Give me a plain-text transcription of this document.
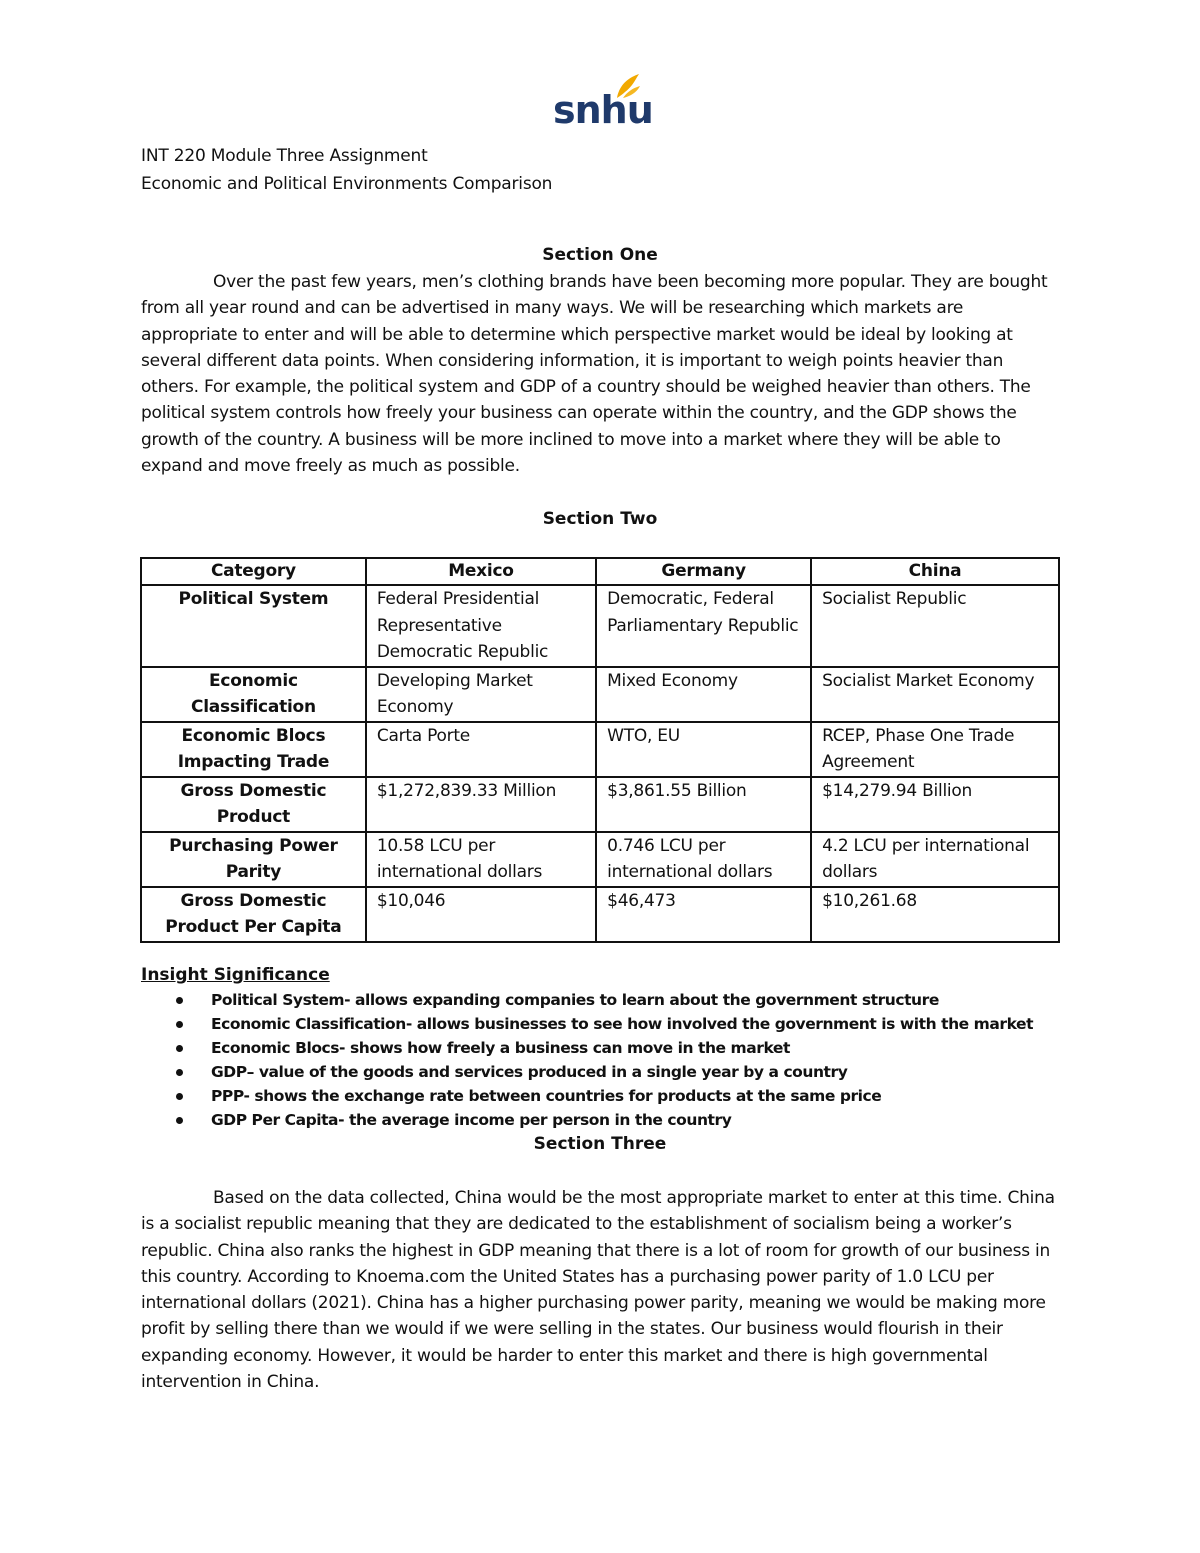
snhu
INT 220 Module Three Assignment
Economic and Political Environments Comparison
Section One

Over the past few years, men’s clothing brands have been becoming more popular. They are bought from all year round and can be advertised in many ways. We will be researching which markets are appropriate to enter and will be able to determine which perspective market would be ideal by looking at several different data points. When considering information, it is important to weigh points heavier than others. For example, the political system and GDP of a country should be weighed heavier than others. The political system controls how freely your business can operate within the country, and the GDP shows the growth of the country. A business will be more inclined to move into a market where they will be able to expand and move freely as much as possible.

Section Two
Category	Mexico	Germany	China
Political System	Federal Presidential Representative Democratic Republic	Democratic, Federal Parliamentary Republic	Socialist Republic
Economic Classification	Developing Market Economy	Mixed Economy	Socialist Market Economy
Economic Blocs Impacting Trade	Carta Porte	WTO, EU	RCEP, Phase One Trade Agreement
Gross Domestic Product	$1,272,839.33 Million	$3,861.55 Billion	$14,279.94 Billion
Purchasing Power Parity	10.58 LCU per international dollars	0.746 LCU per international dollars	4.2 LCU per international dollars
Gross Domestic Product Per Capita	$10,046	$46,473	$10,261.68
Insight Significance
Political System- allows expanding companies to learn about the government structure
Economic Classification- allows businesses to see how involved the government is with the market
Economic Blocs- shows how freely a business can move in the market
GDP– value of the goods and services produced in a single year by a country
PPP- shows the exchange rate between countries for products at the same price
GDP Per Capita- the average income per person in the country
Section Three

Based on the data collected, China would be the most appropriate market to enter at this time. China is a socialist republic meaning that they are dedicated to the establishment of socialism being a worker’s republic. China also ranks the highest in GDP meaning that there is a lot of room for growth of our business in this country. According to Knoema.com the United States has a purchasing power parity of 1.0 LCU per international dollars (2021). China has a higher purchasing power parity, meaning we would be making more profit by selling there than we would if we were selling in the states. Our business would flourish in their expanding economy. However, it would be harder to enter this market and there is high governmental intervention in China.
